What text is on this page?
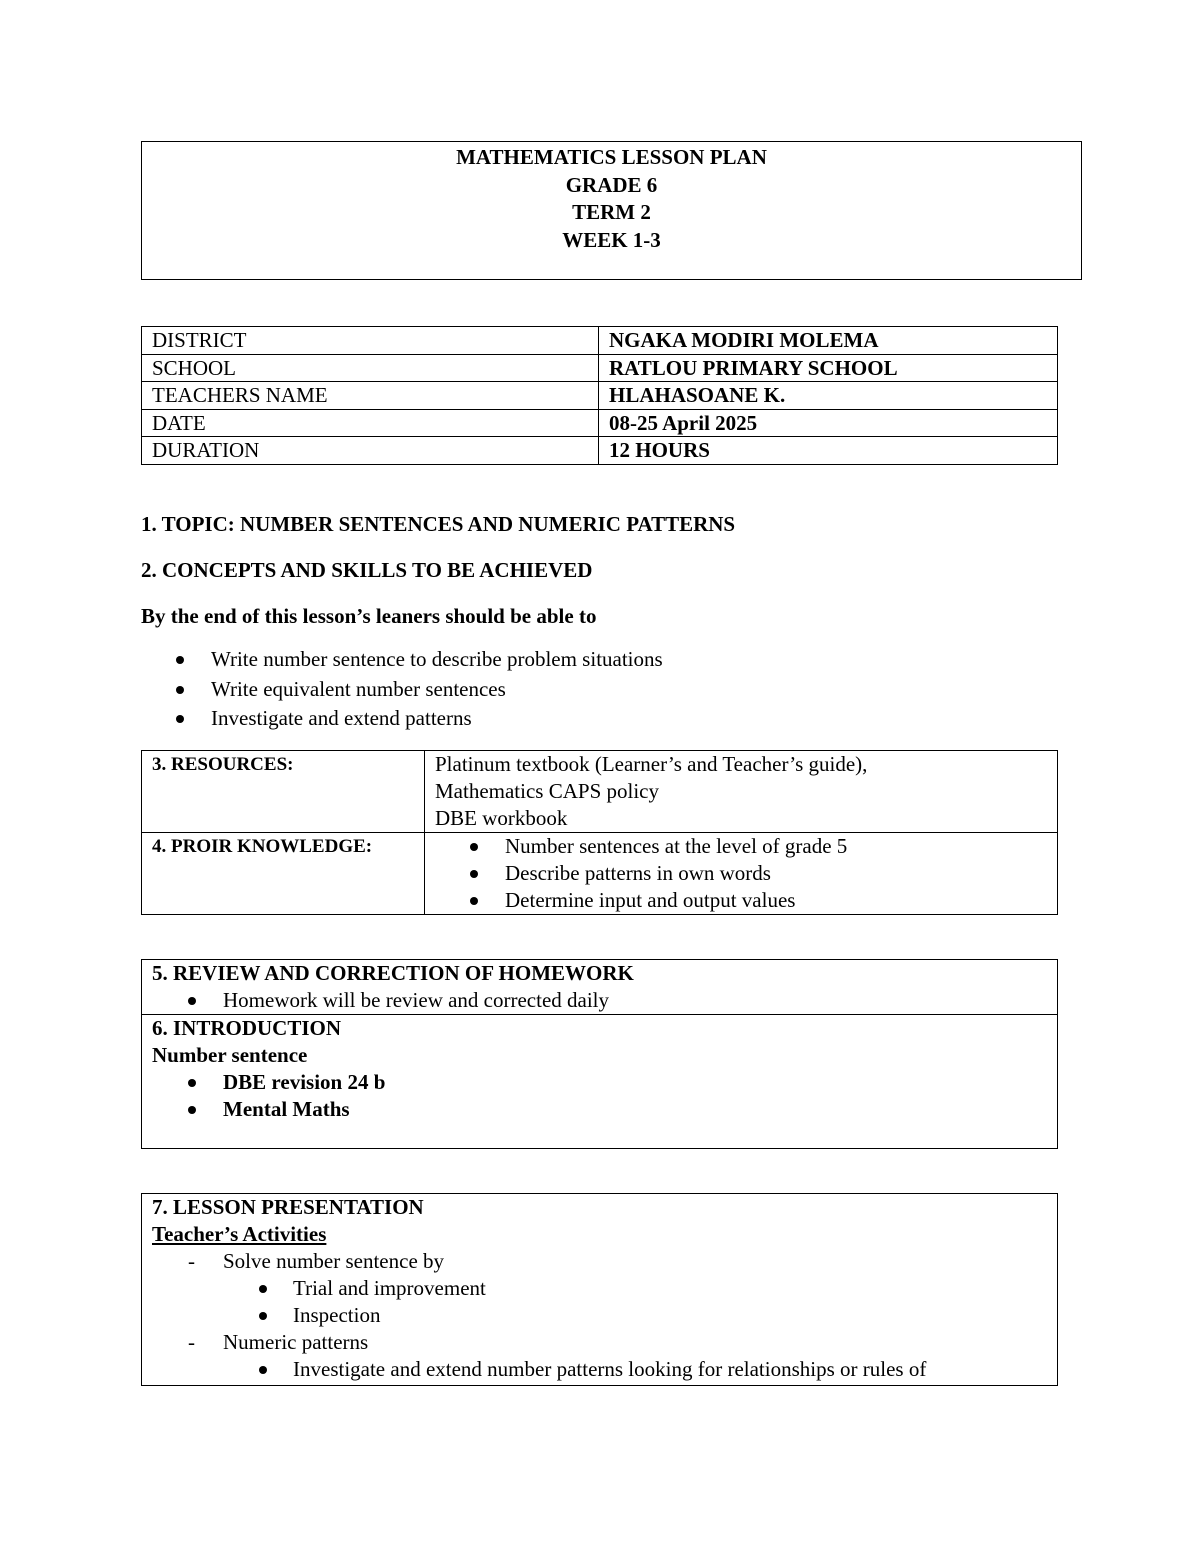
MATHEMATICS LESSON PLAN
GRADE 6
TERM 2
WEEK 1-3
DISTRICT	NGAKA MODIRI MOLEMA
SCHOOL	RATLOU PRIMARY SCHOOL
TEACHERS NAME	HLAHASOANE K.
DATE	08-25 April 2025
DURATION	12 HOURS
1. TOPIC: NUMBER SENTENCES AND NUMERIC PATTERNS
2. CONCEPTS AND SKILLS TO BE ACHIEVED
By the end of this lesson’s leaners should be able to
Write number sentence to describe problem situations
Write equivalent number sentences
Investigate and extend patterns
3. RESOURCES:	Platinum textbook (Learner’s and Teacher’s guide),
Mathematics CAPS policy
DBE workbook

4. PROIR KNOWLEDGE:	Number sentences at the level of grade 5
Describe patterns in own words
Determine input and output values
5. REVIEW AND CORRECTION OF HOMEWORK
Homework will be review and corrected daily
6. INTRODUCTION
Number sentence
DBE revision 24 b
Mental Maths
7. LESSON PRESENTATION
Teacher’s Activities
- Solve number sentence by
Trial and improvement
Inspection
- Numeric patterns
Investigate and extend number patterns looking for relationships or rules of
